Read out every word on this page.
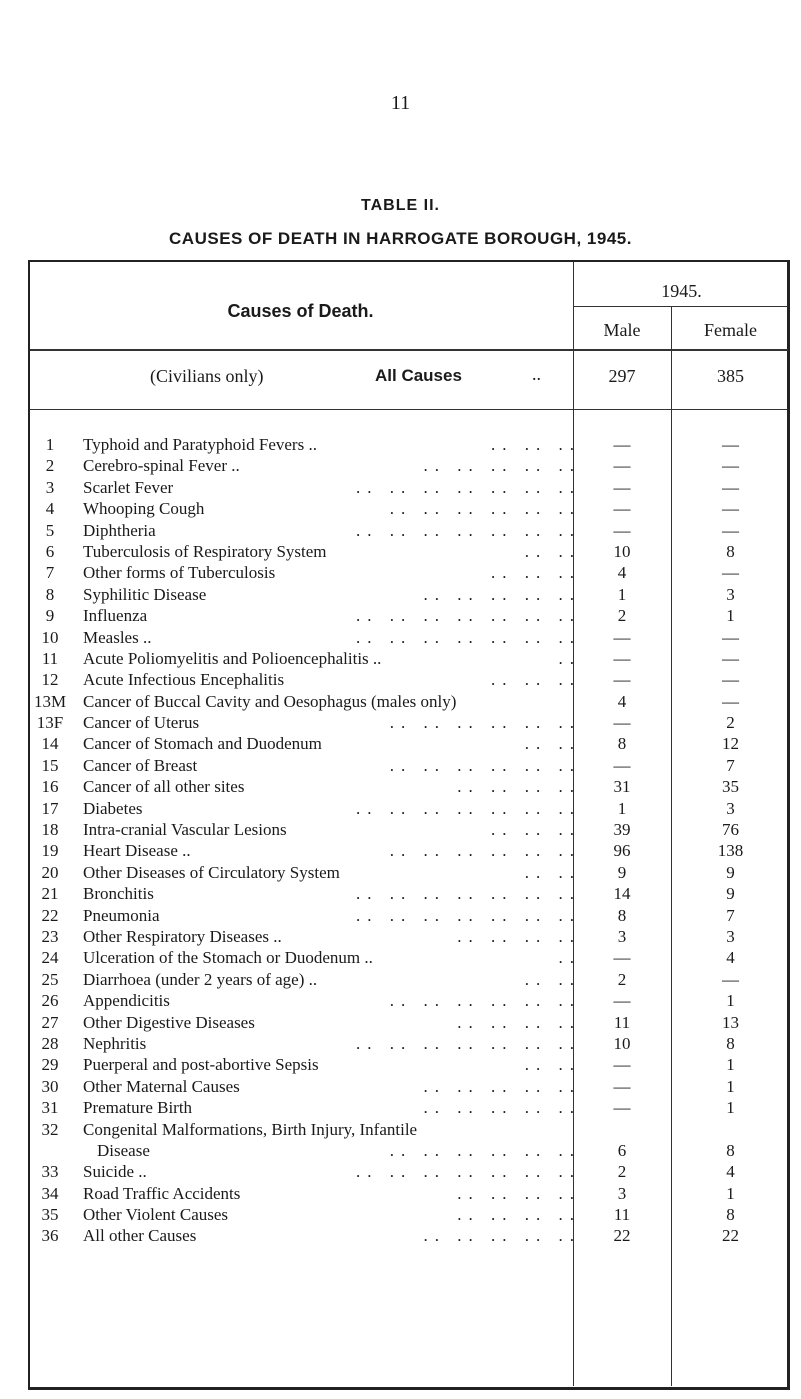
11
TABLE II.
CAUSES OF DEATH IN HARROGATE BOROUGH, 1945.
Causes of Death.
1945.
Male	Female
(Civilians only)	All Causes	..	297	385
1	Typhoid and Paratyphoid Fevers ..	.. .. ..	—	—
2	Cerebro-spinal Fever ..	.. .. .. .. ..	—	—
3	Scarlet Fever	.. .. .. .. .. .. ..	—	—
4	Whooping Cough	.. .. .. .. .. ..	—	—
5	Diphtheria	.. .. .. .. .. .. ..	—	—
6	Tuberculosis of Respiratory System	.. ..	10	8
7	Other forms of Tuberculosis	.. .. ..	4	—
8	Syphilitic Disease	.. .. .. .. ..	1	3
9	Influenza	.. .. .. .. .. .. ..	2	1
10	Measles ..	.. .. .. .. .. .. ..	—	—
11	Acute Poliomyelitis and Polioencephalitis ..	..	—	—
12	Acute Infectious Encephalitis	.. .. ..	—	—
13M Cancer of Buccal Cavity and Oesophagus (males only)	4	—
13F	Cancer of Uterus	.. .. .. .. .. ..	—	2
14	Cancer of Stomach and Duodenum	.. ..	8	12
15	Cancer of Breast	.. .. .. .. .. ..	—	7
16	Cancer of all other sites	.. .. .. ..	31	35
17	Diabetes	.. .. .. .. .. .. ..	1	3
18	Intra-cranial Vascular Lesions	.. .. ..	39	76
19	Heart Disease ..	.. .. .. .. .. ..	96	138
20	Other Diseases of Circulatory System	.. ..	9	9
21	Bronchitis	.. .. .. .. .. .. ..	14	9
22	Pneumonia	.. .. .. .. .. .. ..	8	7
23	Other Respiratory Diseases ..	.. .. .. ..	3	3
24	Ulceration of the Stomach or Duodenum ..	..	—	4
25	Diarrhoea (under 2 years of age) ..	.. ..	2	—
26	Appendicitis	.. .. .. .. .. ..	—	1
27	Other Digestive Diseases	.. .. .. ..	11	13
28	Nephritis	.. .. .. .. .. .. ..	10	8
29	Puerperal and post-abortive Sepsis	.. ..	—	1
30	Other Maternal Causes	.. .. .. .. ..	—	1
31	Premature Birth	.. .. .. .. ..	—	1
32	Congenital Malformations, Birth Injury, Infantile
Disease	.. .. .. .. .. ..	6	8
33	Suicide ..	.. .. .. .. .. .. ..	2	4
34	Road Traffic Accidents	.. .. .. ..	3	1
35	Other Violent Causes	.. .. .. ..	11	8
36	All other Causes	.. .. .. .. ..	22	22
